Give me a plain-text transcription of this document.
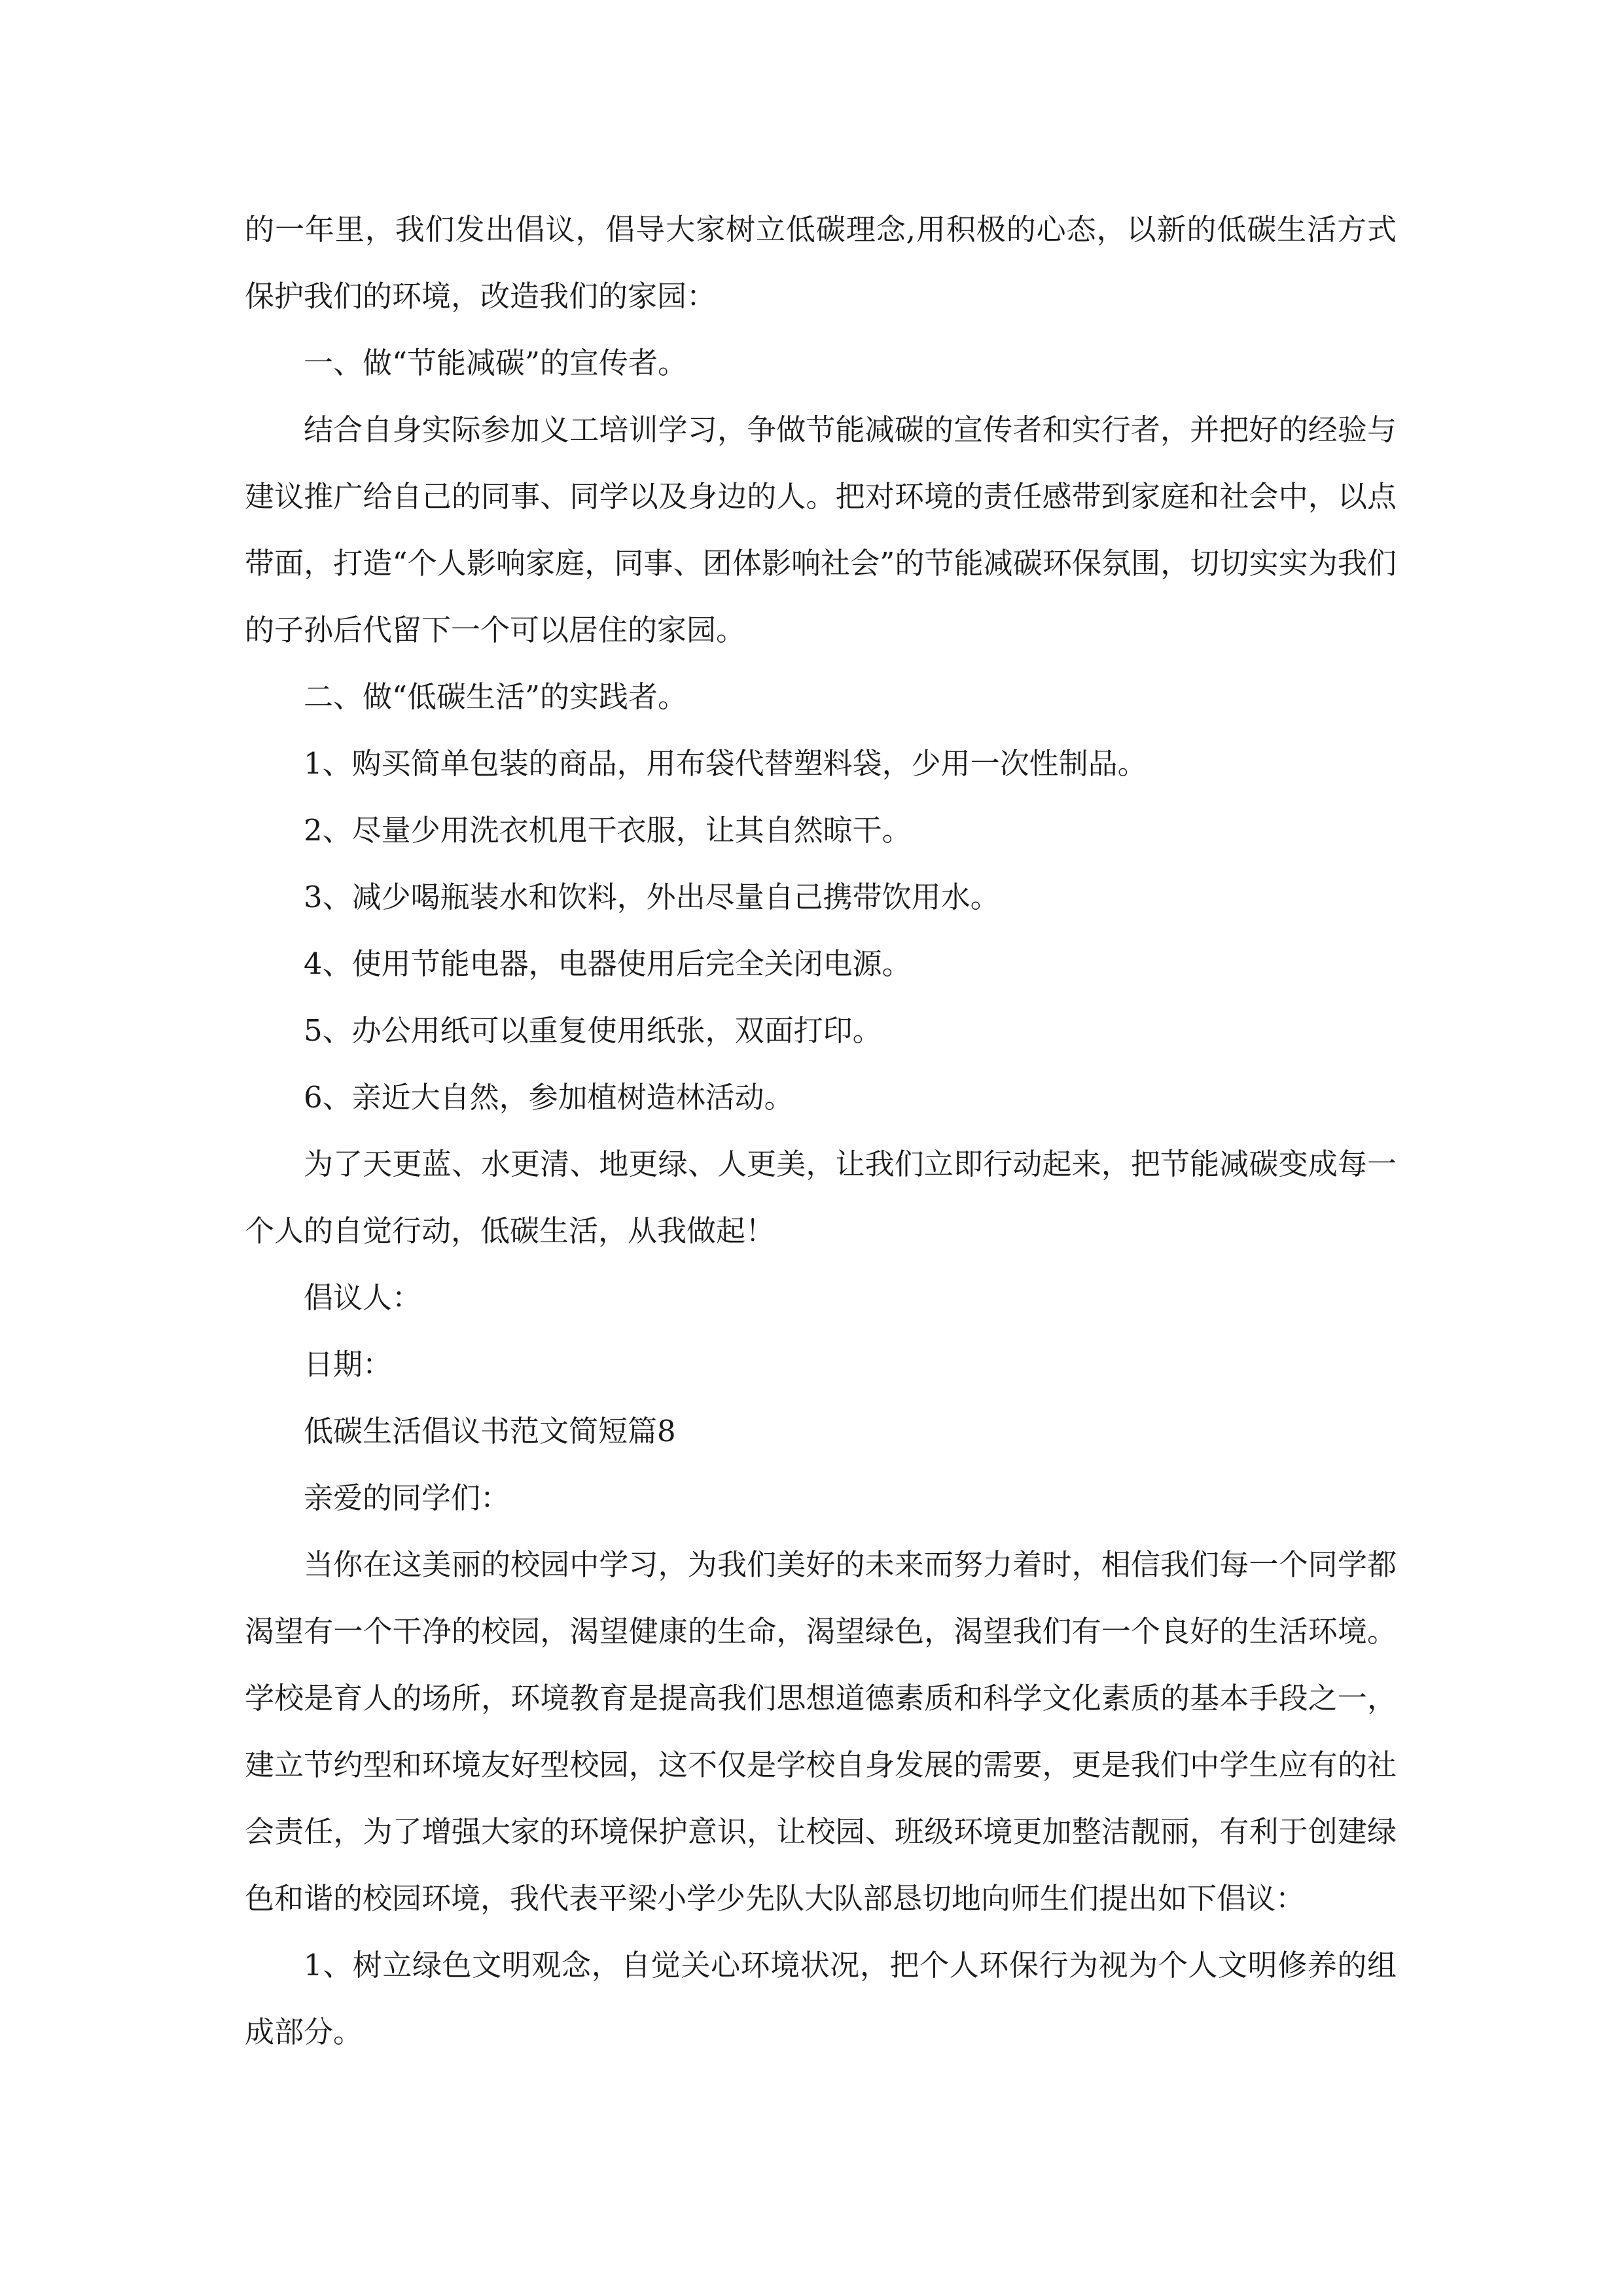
的一年里，我们发出倡议，倡导大家树立低碳理念,用积极的心态，以新的低碳生活方式保护我们的环境，改造我们的家园：

一、做“节能减碳”的宣传者。

结合自身实际参加义工培训学习，争做节能减碳的宣传者和实行者，并把好的经验与建议推广给自己的同事、同学以及身边的人。把对环境的责任感带到家庭和社会中，以点带面，打造“个人影响家庭，同事、团体影响社会”的节能减碳环保氛围，切切实实为我们的子孙后代留下一个可以居住的家园。

二、做“低碳生活”的实践者。

1、购买简单包装的商品，用布袋代替塑料袋，少用一次性制品。

2、尽量少用洗衣机甩干衣服，让其自然晾干。

3、减少喝瓶装水和饮料，外出尽量自己携带饮用水。

4、使用节能电器，电器使用后完全关闭电源。

5、办公用纸可以重复使用纸张，双面打印。

6、亲近大自然，参加植树造林活动。

为了天更蓝、水更清、地更绿、人更美，让我们立即行动起来，把节能减碳变成每一个人的自觉行动，低碳生活，从我做起！

倡议人：

日期：

低碳生活倡议书范文简短篇8

亲爱的同学们：

当你在这美丽的校园中学习，为我们美好的未来而努力着时，相信我们每一个同学都渴望有一个干净的校园，渴望健康的生命，渴望绿色，渴望我们有一个良好的生活环境。学校是育人的场所，环境教育是提高我们思想道德素质和科学文化素质的基本手段之一，建立节约型和环境友好型校园，这不仅是学校自身发展的需要，更是我们中学生应有的社会责任，为了增强大家的环境保护意识，让校园、班级环境更加整洁靓丽，有利于创建绿色和谐的校园环境，我代表平梁小学少先队大队部恳切地向师生们提出如下倡议：

1、树立绿色文明观念，自觉关心环境状况，把个人环保行为视为个人文明修养的组成部分。
